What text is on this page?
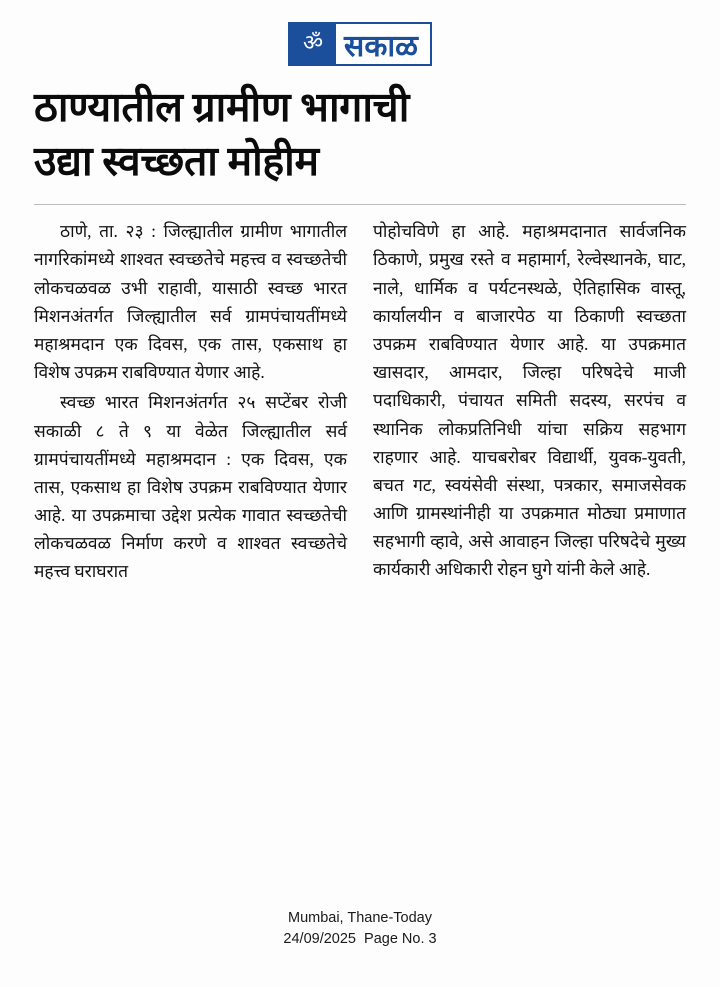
ॐ सकाळ
ठाण्यातील ग्रामीण भागाची
उद्या स्वच्छता मोहीम

ठाणे, ता. २३ : जिल्ह्यातील ग्रामीण भागातील नागरिकांमध्ये शाश्वत स्वच्छतेचे महत्त्व व स्वच्छतेची लोकचळवळ उभी राहावी, यासाठी स्वच्छ भारत मिशनअंतर्गत जिल्ह्यातील सर्व ग्रामपंचायतींमध्ये महाश्रमदान एक दिवस, एक तास, एकसाथ हा विशेष उपक्रम राबविण्यात येणार आहे.

स्वच्छ भारत मिशनअंतर्गत २५ सप्टेंबर रोजी सकाळी ८ ते ९ या वेळेत जिल्ह्यातील सर्व ग्रामपंचायतींमध्ये महाश्रमदान : एक दिवस, एक तास, एकसाथ हा विशेष उपक्रम राबविण्यात येणार आहे. या उपक्रमाचा उद्देश प्रत्येक गावात स्वच्छतेची लोकचळवळ निर्माण करणे व शाश्वत स्वच्छतेचे महत्त्व घराघरात

पोहोचविणे हा आहे. महाश्रमदानात सार्वजनिक ठिकाणे, प्रमुख रस्ते व महामार्ग, रेल्वेस्थानके, घाट, नाले, धार्मिक व पर्यटनस्थळे, ऐतिहासिक वास्तू, कार्यालयीन व बाजारपेठ या ठिकाणी स्वच्छता उपक्रम राबविण्यात येणार आहे. या उपक्रमात खासदार, आमदार, जिल्हा परिषदेचे माजी पदाधिकारी, पंचायत समिती सदस्य, सरपंच व स्थानिक लोकप्रतिनिधी यांचा सक्रिय सहभाग राहणार आहे. याचबरोबर विद्यार्थी, युवक-युवती, बचत गट, स्वयंसेवी संस्था, पत्रकार, समाजसेवक आणि ग्रामस्थांनीही या उपक्रमात मोठ्या प्रमाणात सहभागी व्हावे, असे आवाहन जिल्हा परिषदेचे मुख्य कार्यकारी अधिकारी रोहन घुगे यांनी केले आहे.

Mumbai, Thane-Today
24/09/2025  Page No. 3
